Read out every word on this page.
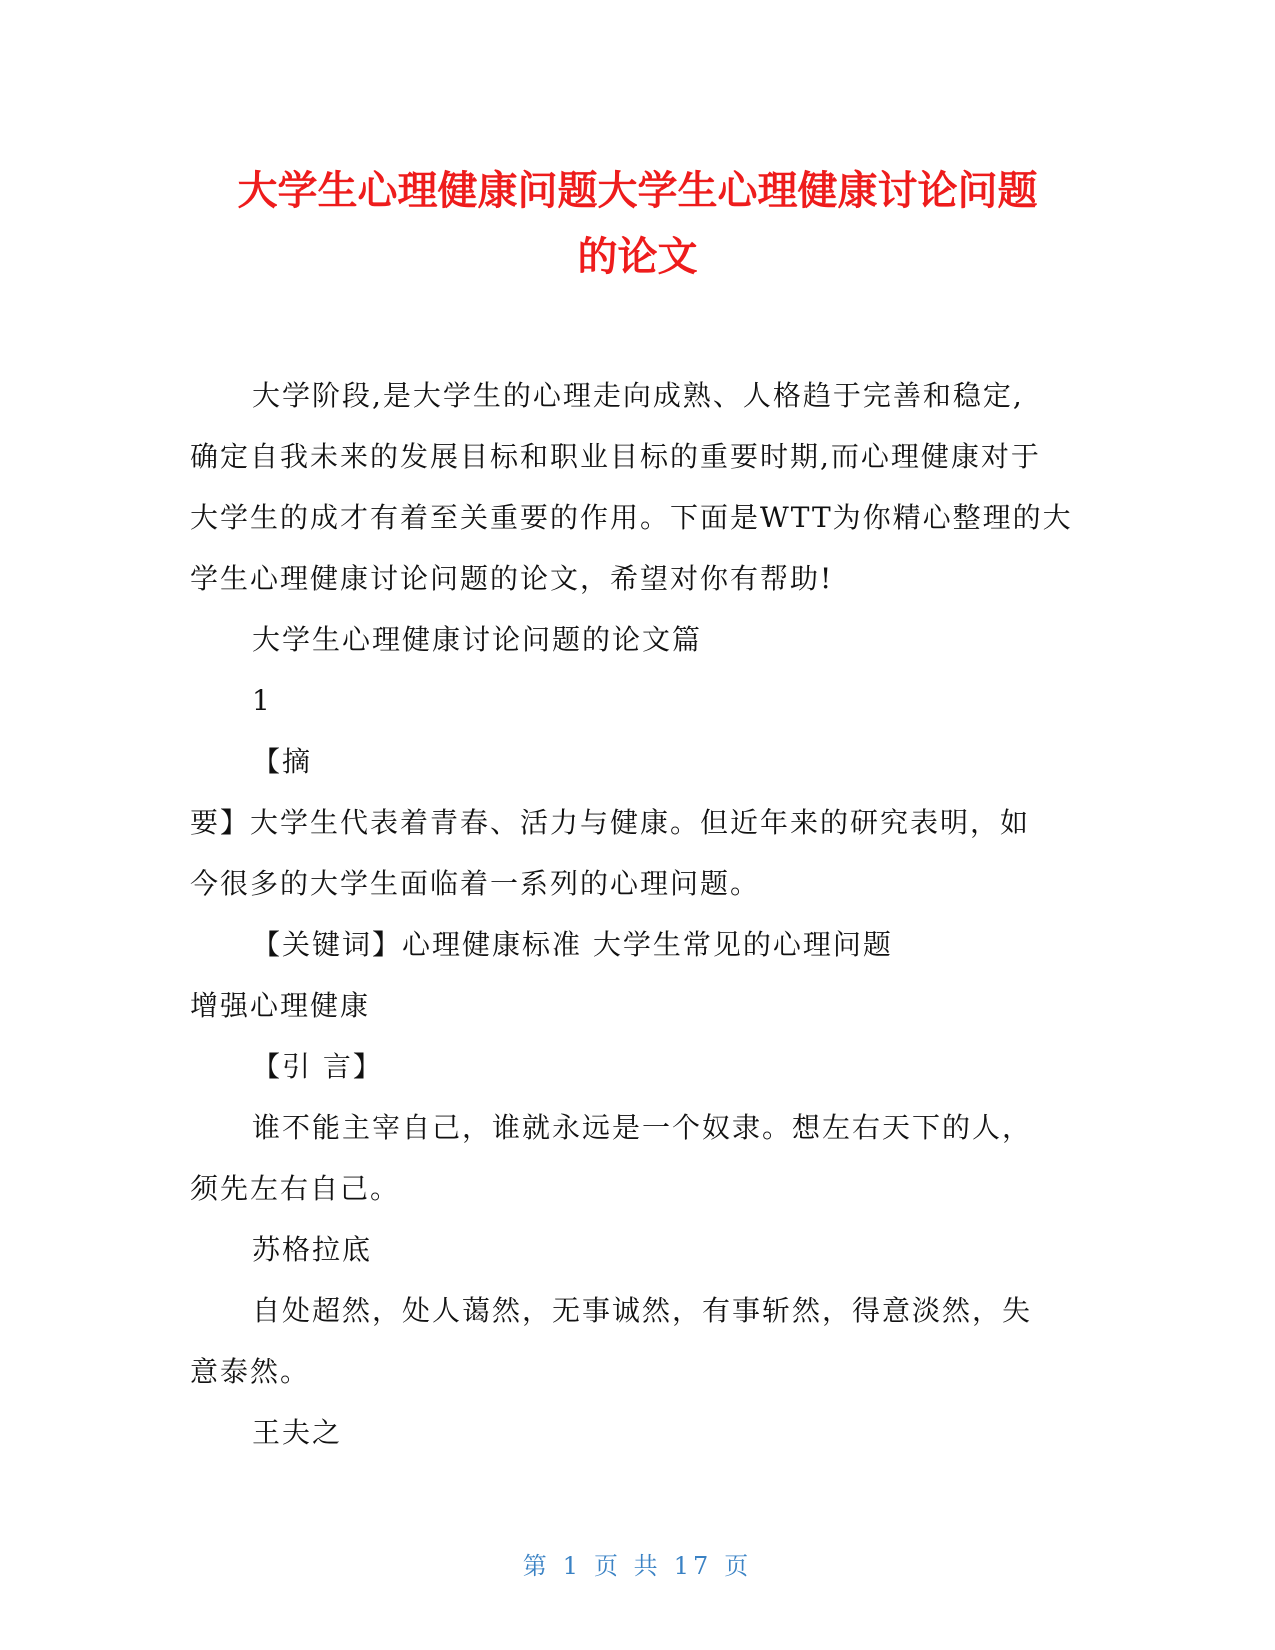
大学生心理健康问题大学生心理健康讨论问题
的论文

大学阶段,是大学生的心理走向成熟、人格趋于完善和稳定,

确定自我未来的发展目标和职业目标的重要时期,而心理健康对于

大学生的成才有着至关重要的作用。下面是WTT为你精心整理的大

学生心理健康讨论问题的论文，希望对你有帮助!

大学生心理健康讨论问题的论文篇

1

【摘

要】大学生代表着青春、活力与健康。但近年来的研究表明，如

今很多的大学生面临着一系列的心理问题。

【关键词】心理健康标准 大学生常见的心理问题

增强心理健康

【引 言】

谁不能主宰自己，谁就永远是一个奴隶。想左右天下的人，

须先左右自己。

苏格拉底

自处超然，处人蔼然，无事诚然，有事斩然，得意淡然，失

意泰然。

王夫之

第 1 页 共 17 页
